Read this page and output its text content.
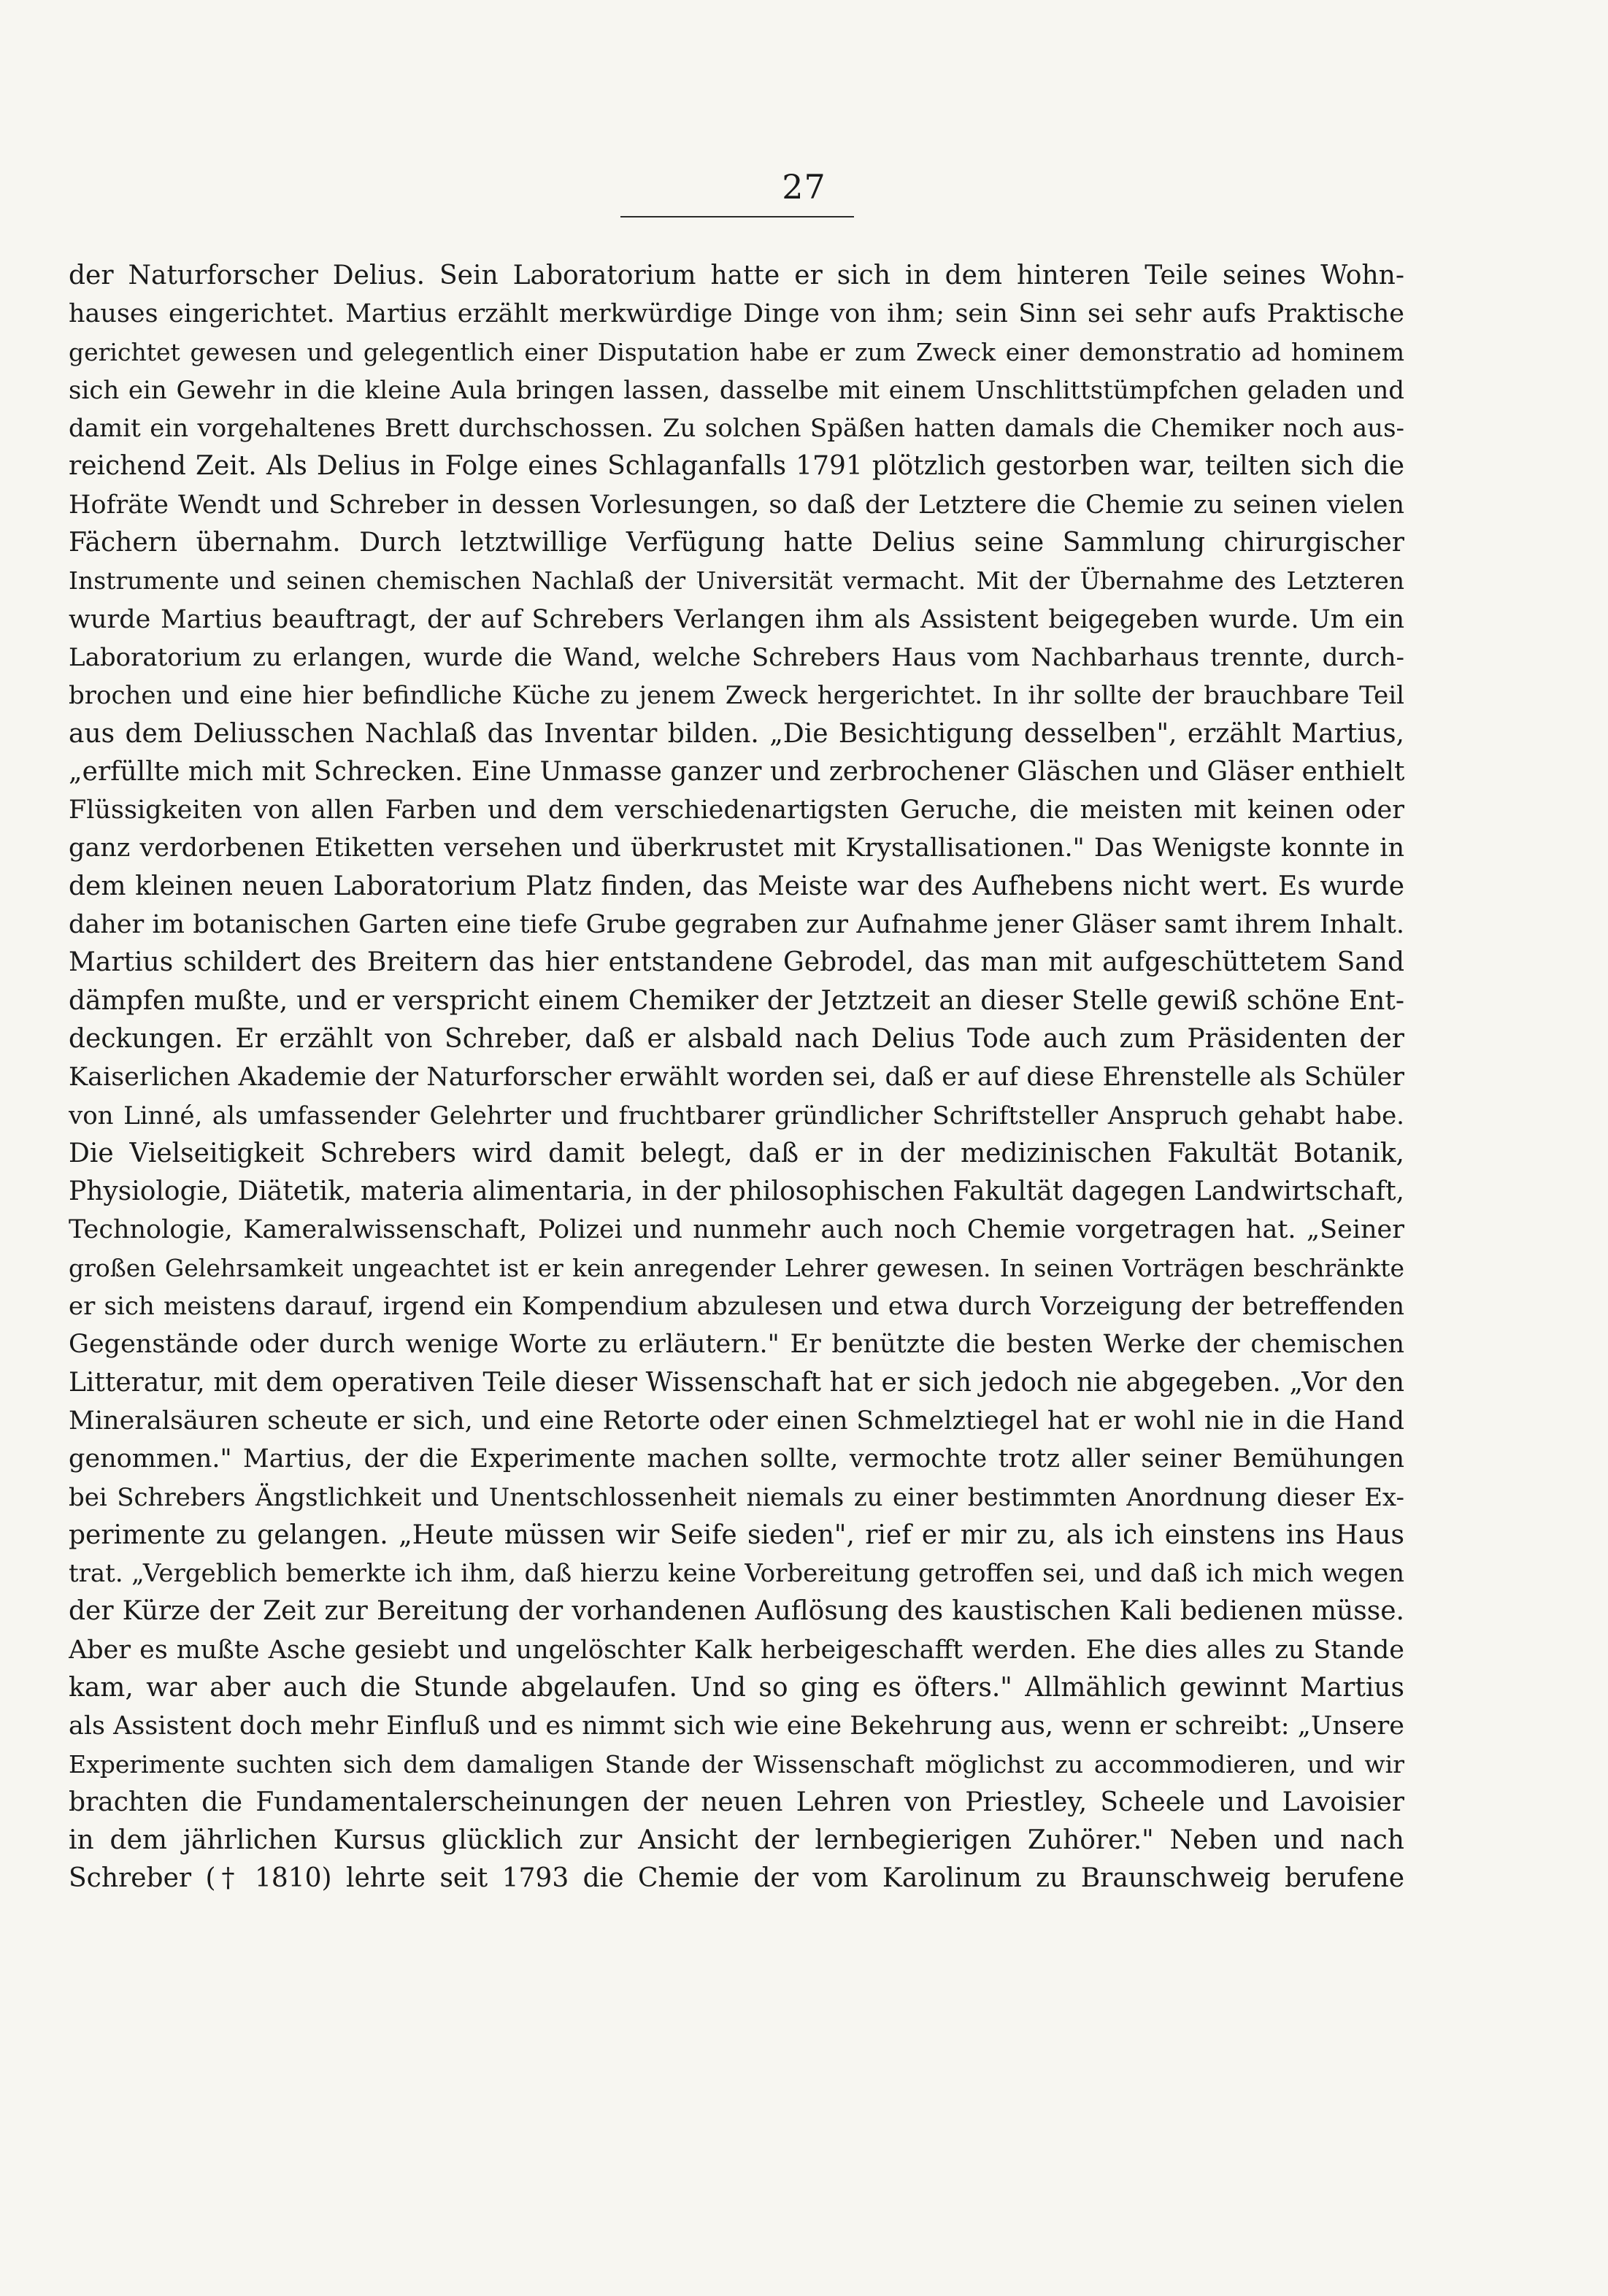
27
der Naturforscher Delius. Sein Laboratorium hatte er sich in dem hinteren Teile seines Wohn-
hauses eingerichtet. Martius erzählt merkwürdige Dinge von ihm; sein Sinn sei sehr aufs Praktische
gerichtet gewesen und gelegentlich einer Disputation habe er zum Zweck einer demonstratio ad hominem
sich ein Gewehr in die kleine Aula bringen lassen, dasselbe mit einem Unschlittstümpfchen geladen und
damit ein vorgehaltenes Brett durchschossen. Zu solchen Späßen hatten damals die Chemiker noch aus-
reichend Zeit. Als Delius in Folge eines Schlaganfalls 1791 plötzlich gestorben war, teilten sich die
Hofräte Wendt und Schreber in dessen Vorlesungen, so daß der Letztere die Chemie zu seinen vielen
Fächern übernahm. Durch letztwillige Verfügung hatte Delius seine Sammlung chirurgischer
Instrumente und seinen chemischen Nachlaß der Universität vermacht. Mit der Übernahme des Letzteren
wurde Martius beauftragt, der auf Schrebers Verlangen ihm als Assistent beigegeben wurde. Um ein
Laboratorium zu erlangen, wurde die Wand, welche Schrebers Haus vom Nachbarhaus trennte, durch-
brochen und eine hier befindliche Küche zu jenem Zweck hergerichtet. In ihr sollte der brauchbare Teil
aus dem Deliusschen Nachlaß das Inventar bilden. „Die Besichtigung desselben", erzählt Martius,
„erfüllte mich mit Schrecken. Eine Unmasse ganzer und zerbrochener Gläschen und Gläser enthielt
Flüssigkeiten von allen Farben und dem verschiedenartigsten Geruche, die meisten mit keinen oder
ganz verdorbenen Etiketten versehen und überkrustet mit Krystallisationen." Das Wenigste konnte in
dem kleinen neuen Laboratorium Platz finden, das Meiste war des Aufhebens nicht wert. Es wurde
daher im botanischen Garten eine tiefe Grube gegraben zur Aufnahme jener Gläser samt ihrem Inhalt.
Martius schildert des Breitern das hier entstandene Gebrodel, das man mit aufgeschüttetem Sand
dämpfen mußte, und er verspricht einem Chemiker der Jetztzeit an dieser Stelle gewiß schöne Ent-
deckungen. Er erzählt von Schreber, daß er alsbald nach Delius Tode auch zum Präsidenten der
Kaiserlichen Akademie der Naturforscher erwählt worden sei, daß er auf diese Ehrenstelle als Schüler
von Linné, als umfassender Gelehrter und fruchtbarer gründlicher Schriftsteller Anspruch gehabt habe.
Die Vielseitigkeit Schrebers wird damit belegt, daß er in der medizinischen Fakultät Botanik,
Physiologie, Diätetik, materia alimentaria, in der philosophischen Fakultät dagegen Landwirtschaft,
Technologie, Kameralwissenschaft, Polizei und nunmehr auch noch Chemie vorgetragen hat. „Seiner
großen Gelehrsamkeit ungeachtet ist er kein anregender Lehrer gewesen. In seinen Vorträgen beschränkte
er sich meistens darauf, irgend ein Kompendium abzulesen und etwa durch Vorzeigung der betreffenden
Gegenstände oder durch wenige Worte zu erläutern." Er benützte die besten Werke der chemischen
Litteratur, mit dem operativen Teile dieser Wissenschaft hat er sich jedoch nie abgegeben. „Vor den
Mineralsäuren scheute er sich, und eine Retorte oder einen Schmelztiegel hat er wohl nie in die Hand
genommen." Martius, der die Experimente machen sollte, vermochte trotz aller seiner Bemühungen
bei Schrebers Ängstlichkeit und Unentschlossenheit niemals zu einer bestimmten Anordnung dieser Ex-
perimente zu gelangen. „Heute müssen wir Seife sieden", rief er mir zu, als ich einstens ins Haus
trat. „Vergeblich bemerkte ich ihm, daß hierzu keine Vorbereitung getroffen sei, und daß ich mich wegen
der Kürze der Zeit zur Bereitung der vorhandenen Auflösung des kaustischen Kali bedienen müsse.
Aber es mußte Asche gesiebt und ungelöschter Kalk herbeigeschafft werden. Ehe dies alles zu Stande
kam, war aber auch die Stunde abgelaufen. Und so ging es öfters." Allmählich gewinnt Martius
als Assistent doch mehr Einfluß und es nimmt sich wie eine Bekehrung aus, wenn er schreibt: „Unsere
Experimente suchten sich dem damaligen Stande der Wissenschaft möglichst zu accommodieren, und wir
brachten die Fundamentalerscheinungen der neuen Lehren von Priestley, Scheele und Lavoisier
in dem jährlichen Kursus glücklich zur Ansicht der lernbegierigen Zuhörer." Neben und nach
Schreber († 1810) lehrte seit 1793 die Chemie der vom Karolinum zu Braunschweig berufene
